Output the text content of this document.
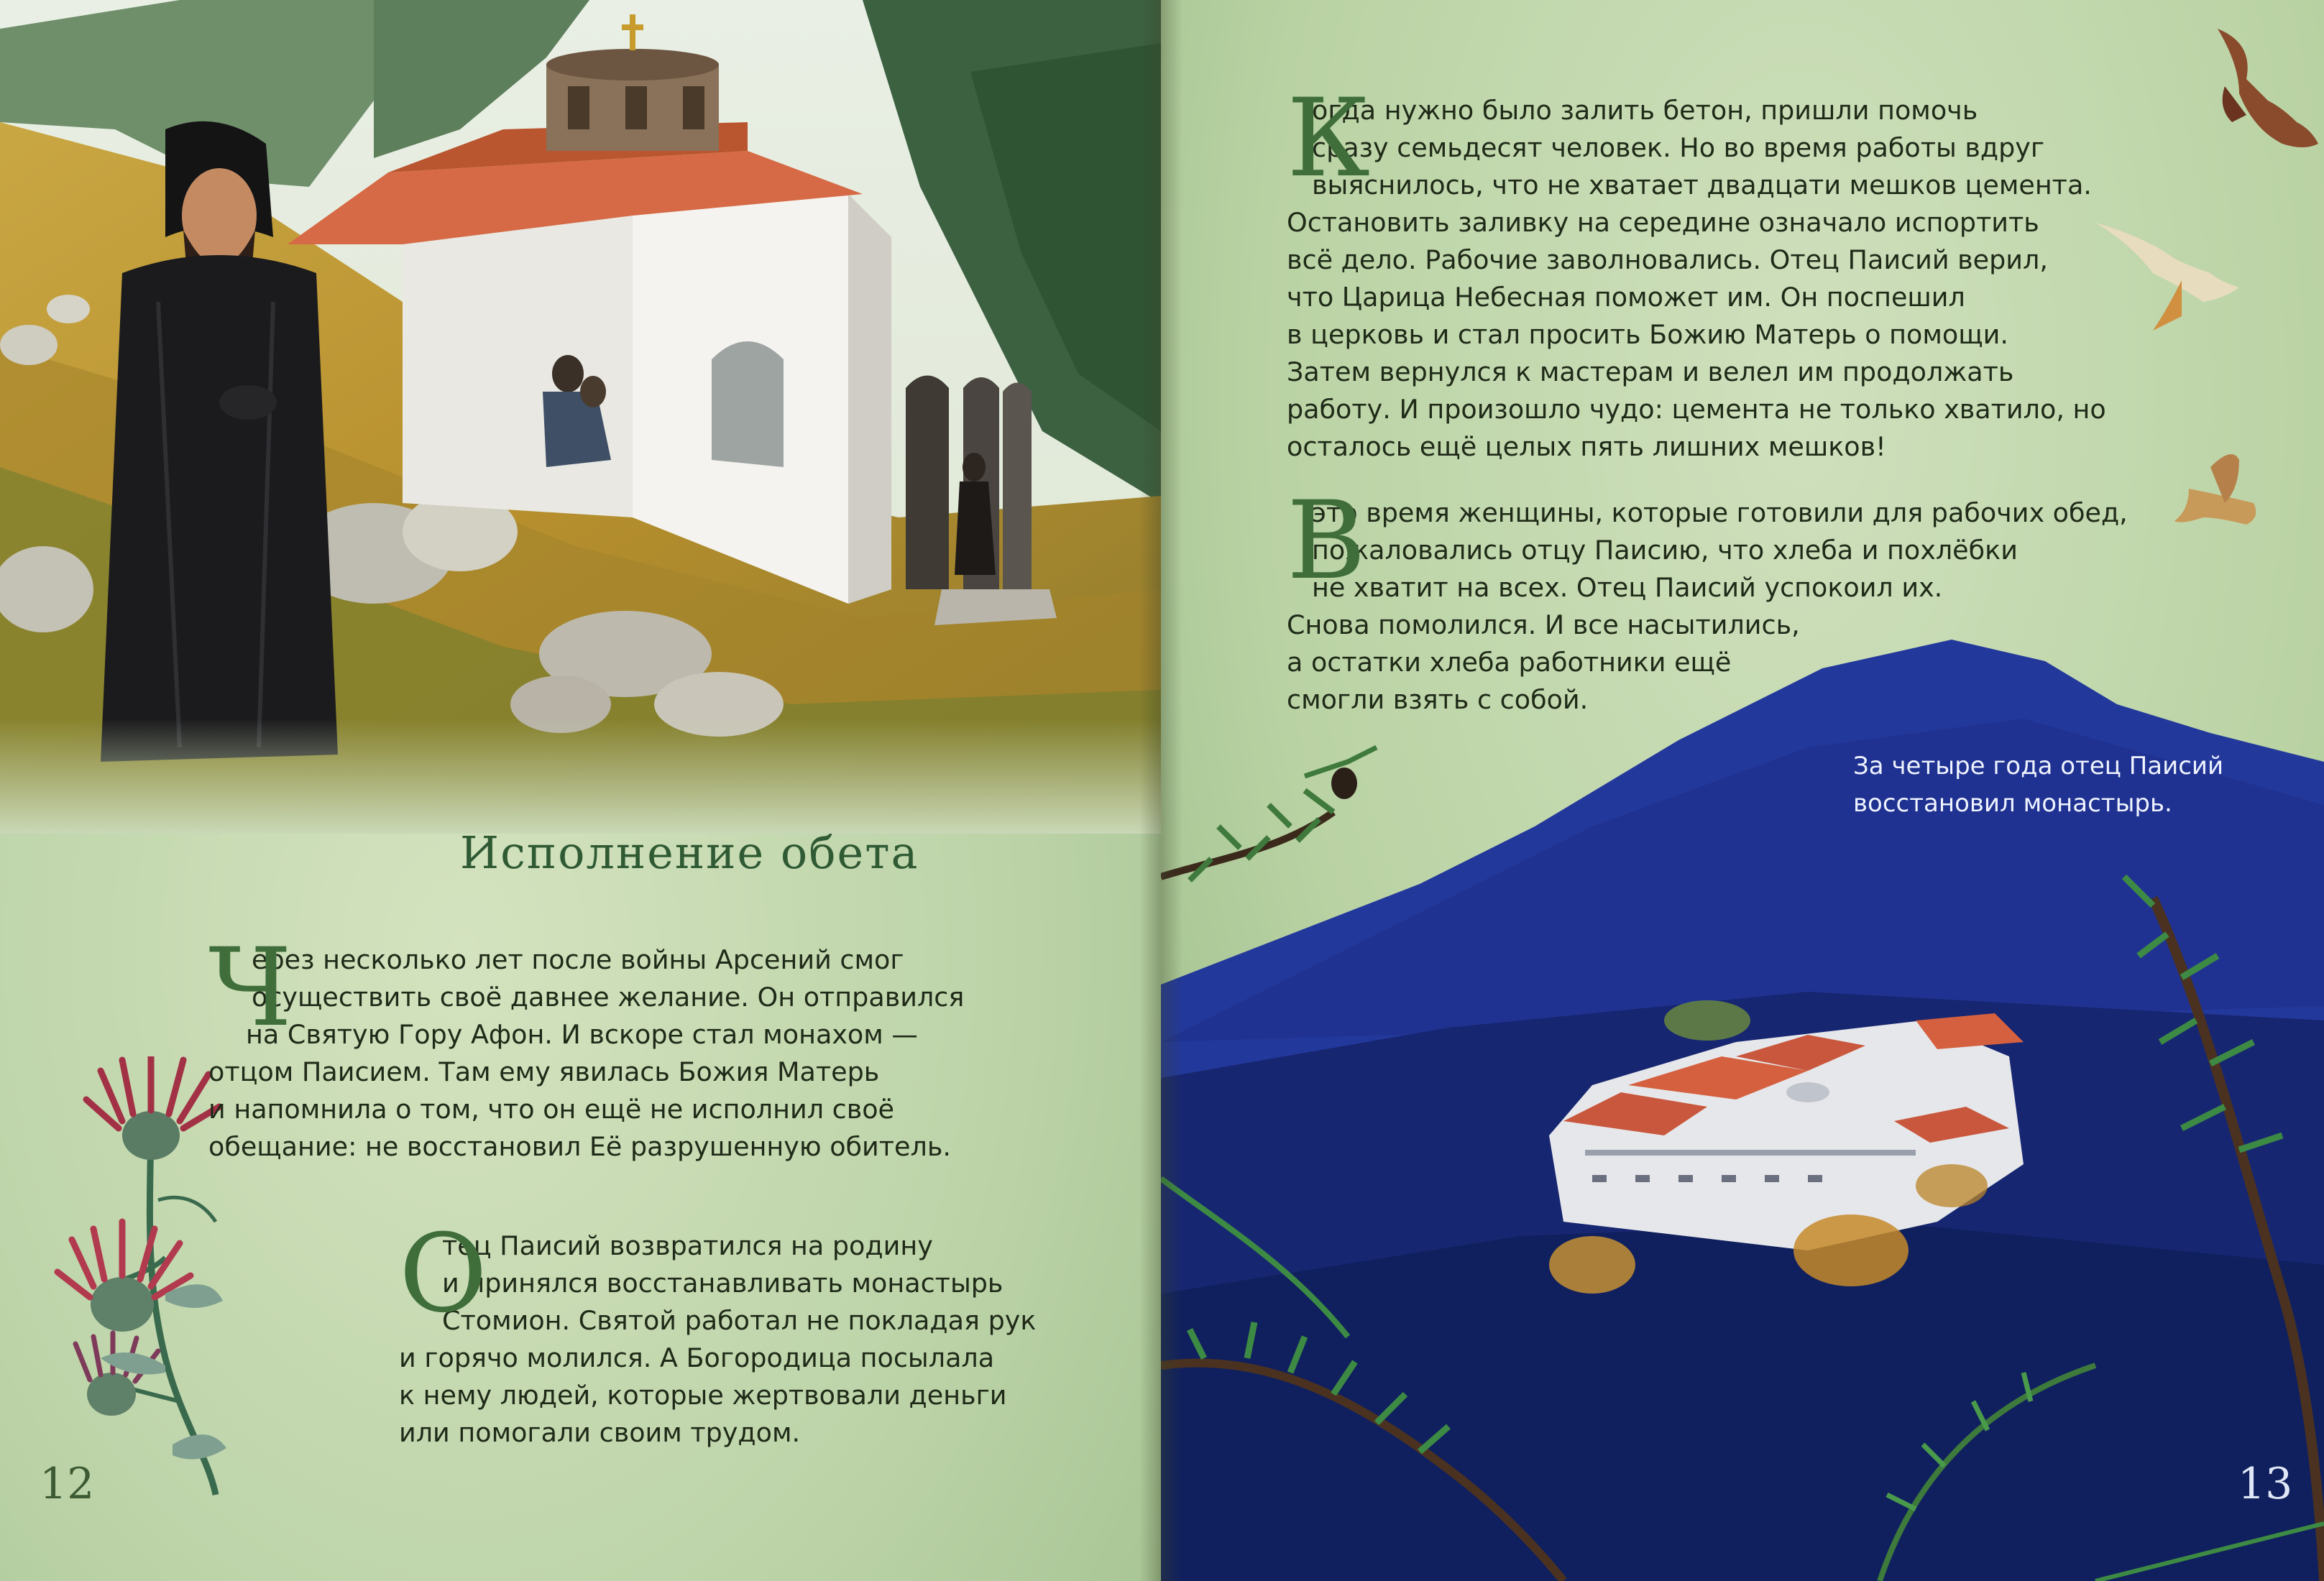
Исполнение обета
Ч
ерез несколько лет после войны Арсений смог
осуществить своё давнее желание. Он отправился
на Святую Гору Афон. И вскоре стал монахом —
отцом Паисием. Там ему явилась Божия Матерь
и напомнила о том, что он ещё не исполнил своё
обещание: не восстановил Её разрушенную обитель.
О
тец Паисий возвратился на родину
и принялся восстанавливать монастырь
Стомион. Святой работал не покладая рук
и горячо молился. А Богородица посылала
к нему людей, которые жертвовали деньги
или помогали своим трудом.
12
К
огда нужно было залить бетон, пришли помочь
сразу семьдесят человек. Но во время работы вдруг
выяснилось, что не хватает двадцати мешков цемента.
Остановить заливку на середине означало испортить
всё дело. Рабочие заволновались. Отец Паисий верил,
что Царица Небесная поможет им. Он поспешил
в церковь и стал просить Божию Матерь о помощи.
Затем вернулся к мастерам и велел им продолжать
работу. И произошло чудо: цемента не только хватило, но
осталось ещё целых пять лишних мешков!
В
это время женщины, которые готовили для рабочих обед,
пожаловались отцу Паисию, что хлеба и похлёбки
не хватит на всех. Отец Паисий успокоил их.
Снова помолился. И все насытились,
а остатки хлеба работники ещё
смогли взять с собой.
13
За четыре года отец Паисий
восстановил монастырь.
